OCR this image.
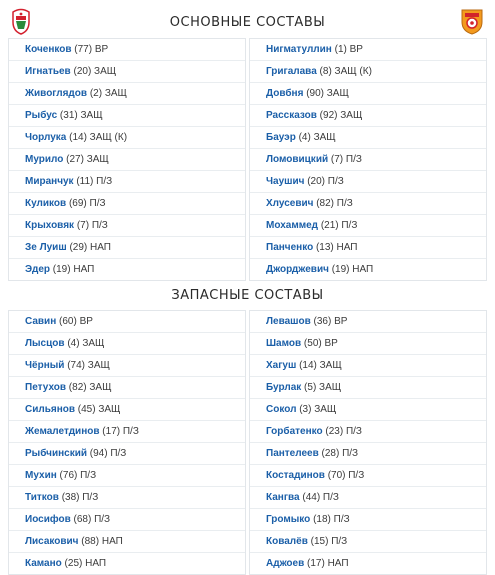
ОСНОВНЫЕ СОСТАВЫ
Коченков (77) ВР
Игнатьев (20) ЗАЩ
Живоглядов (2) ЗАЩ
Рыбус (31) ЗАЩ
Чорлука (14) ЗАЩ (К)
Мурило (27) ЗАЩ
Миранчук (11) П/З
Куликов (69) П/З
Крыховяк (7) П/З
Зе Луиш (29) НАП
Эдер (19) НАП
Нигматуллин (1) ВР
Григалава (8) ЗАЩ (К)
Довбня (90) ЗАЩ
Рассказов (92) ЗАЩ
Бауэр (4) ЗАЩ
Ломовицкий (7) П/З
Чаушич (20) П/З
Хлусевич (82) П/З
Мохаммед (21) П/З
Панченко (13) НАП
Джорджевич (19) НАП
ЗАПАСНЫЕ СОСТАВЫ
Савин (60) ВР
Лысцов (4) ЗАЩ
Чёрный (74) ЗАЩ
Петухов (82) ЗАЩ
Сильянов (45) ЗАЩ
Жемалетдинов (17) П/З
Рыбчинский (94) П/З
Мухин (76) П/З
Титков (38) П/З
Иосифов (68) П/З
Лисакович (88) НАП
Камано (25) НАП
Левашов (36) ВР
Шамов (50) ВР
Хагуш (14) ЗАЩ
Бурлак (5) ЗАЩ
Сокол (3) ЗАЩ
Горбатенко (23) П/З
Пантелеев (28) П/З
Костадинов (70) П/З
Кангва (44) П/З
Громыко (18) П/З
Ковалёв (15) П/З
Аджоев (17) НАП
